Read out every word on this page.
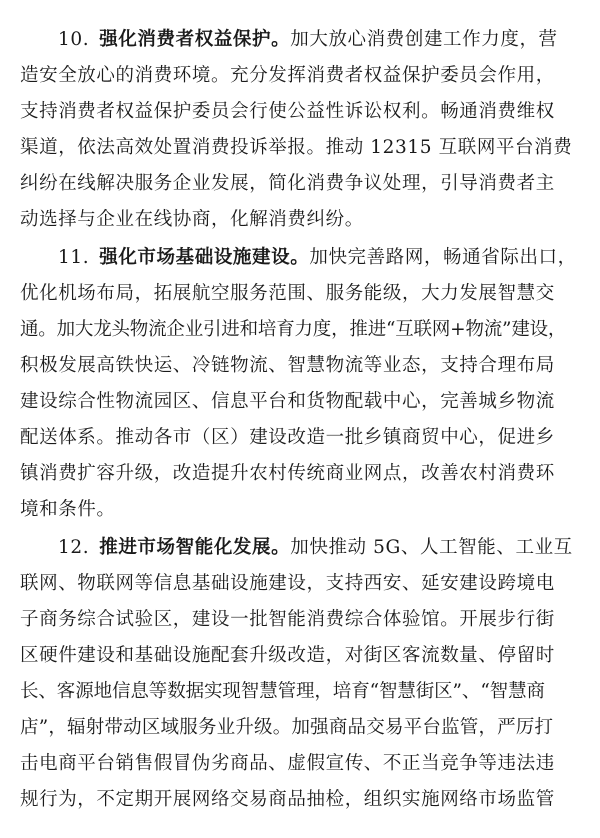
10. 强化消费者权益保护。加大放心消费创建工作力度，营
造安全放心的消费环境。充分发挥消费者权益保护委员会作用，
支持消费者权益保护委员会行使公益性诉讼权利。畅通消费维权
渠道，依法高效处置消费投诉举报。推动 12315 互联网平台消费
纠纷在线解决服务企业发展，简化消费争议处理，引导消费者主
动选择与企业在线协商，化解消费纠纷。
11. 强化市场基础设施建设。加快完善路网，畅通省际出口，
优化机场布局，拓展航空服务范围、服务能级，大力发展智慧交
通。加大龙头物流企业引进和培育力度，推进“互联网+物流”建设，
积极发展高铁快运、冷链物流、智慧物流等业态，支持合理布局
建设综合性物流园区、信息平台和货物配载中心，完善城乡物流
配送体系。推动各市（区）建设改造一批乡镇商贸中心，促进乡
镇消费扩容升级，改造提升农村传统商业网点，改善农村消费环
境和条件。
12. 推进市场智能化发展。加快推动 5G、人工智能、工业互
联网、物联网等信息基础设施建设，支持西安、延安建设跨境电
子商务综合试验区，建设一批智能消费综合体验馆。开展步行街
区硬件建设和基础设施配套升级改造，对街区客流数量、停留时
长、客源地信息等数据实现智慧管理，培育“智慧街区”、“智慧商
店”，辐射带动区域服务业升级。加强商品交易平台监管，严厉打
击电商平台销售假冒伪劣商品、虚假宣传、不正当竞争等违法违
规行为，不定期开展网络交易商品抽检，组织实施网络市场监管
